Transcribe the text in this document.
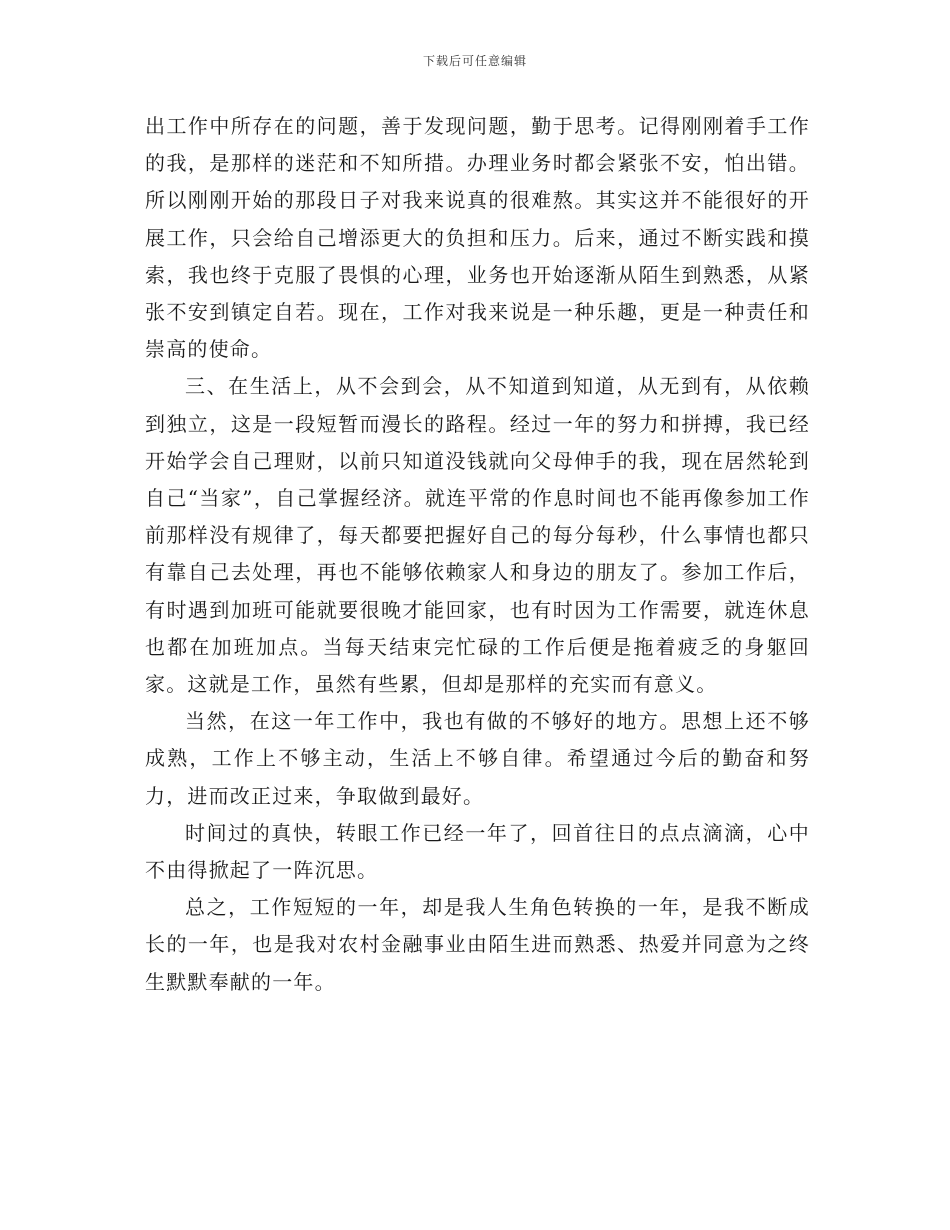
下载后可任意编辑

出工作中所存在的问题，善于发现问题，勤于思考。记得刚刚着手工作的我，是那样的迷茫和不知所措。办理业务时都会紧张不安，怕出错。所以刚刚开始的那段日子对我来说真的很难熬。其实这并不能很好的开展工作，只会给自己增添更大的负担和压力。后来，通过不断实践和摸索，我也终于克服了畏惧的心理，业务也开始逐渐从陌生到熟悉，从紧张不安到镇定自若。现在，工作对我来说是一种乐趣，更是一种责任和崇高的使命。

三、在生活上，从不会到会，从不知道到知道，从无到有，从依赖到独立，这是一段短暂而漫长的路程。经过一年的努力和拼搏，我已经开始学会自己理财，以前只知道没钱就向父母伸手的我，现在居然轮到自己“当家”，自己掌握经济。就连平常的作息时间也不能再像参加工作前那样没有规律了，每天都要把握好自己的每分每秒，什么事情也都只有靠自己去处理，再也不能够依赖家人和身边的朋友了。参加工作后，有时遇到加班可能就要很晚才能回家，也有时因为工作需要，就连休息也都在加班加点。当每天结束完忙碌的工作后便是拖着疲乏的身躯回家。这就是工作，虽然有些累，但却是那样的充实而有意义。

当然，在这一年工作中，我也有做的不够好的地方。思想上还不够成熟，工作上不够主动，生活上不够自律。希望通过今后的勤奋和努力，进而改正过来，争取做到最好。

时间过的真快，转眼工作已经一年了，回首往日的点点滴滴，心中不由得掀起了一阵沉思。

总之，工作短短的一年，却是我人生角色转换的一年，是我不断成长的一年，也是我对农村金融事业由陌生进而熟悉、热爱并同意为之终生默默奉献的一年。
